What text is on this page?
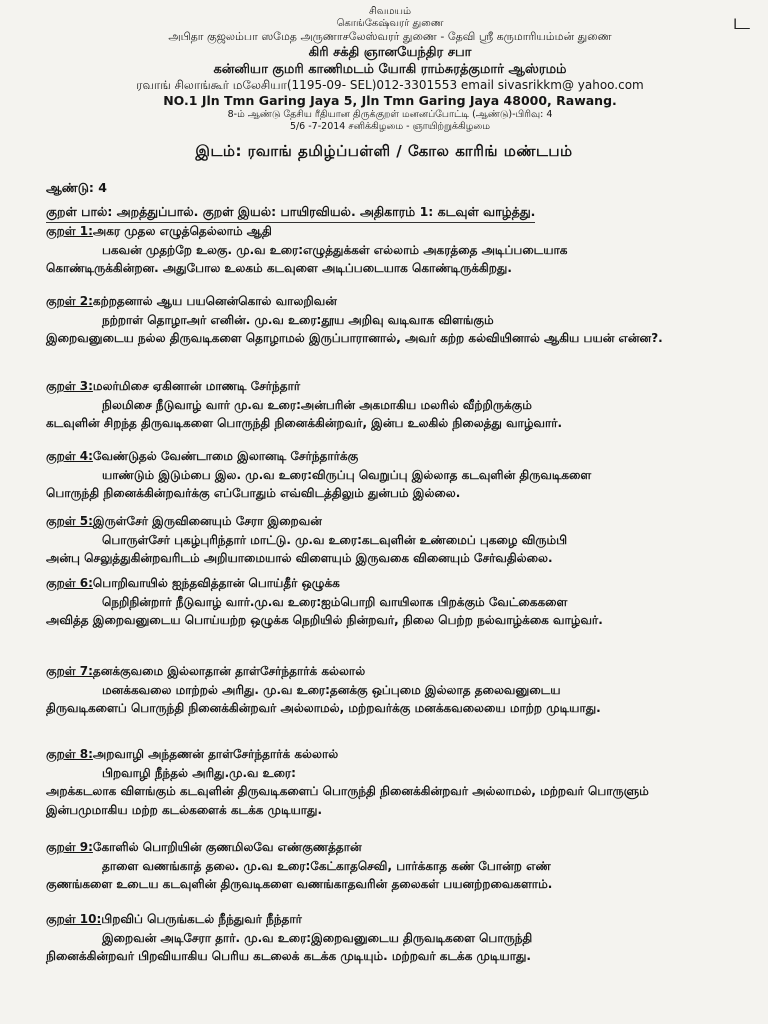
ட
சிவமயம்
கொங்கேஷ்வரர் துணை
அபிதா குஜலம்பா ஸமேத அருணாசலேஸ்வரர் துணை - தேவி ஸ்ரீ கருமாரியம்மன் துணை
கிரி சக்தி ஞானயேந்திர சபா
கன்னியா குமரி காணிமடம் யோகி ராம்சுரத்குமார் ஆஸ்ரமம்
ரவாங் சிலாங்கூர் மலேசியா(1195-09- SEL)012-3301553 email sivasrikkm@ yahoo.com
NO.1 Jln Tmn Garing Jaya 5, Jln Tmn Garing Jaya 48000, Rawang.
8-ம் ஆண்டு தேசிய ரீதியான திருக்குறள் மனனப்போட்டி (ஆண்டு)-பிரிவு: 4
5/6 -7-2014 சனிக்கிழமை - ஞாயிற்றுக்கிழமை
இடம்: ரவாங் தமிழ்ப்பள்ளி / கோல காரிங் மண்டபம்
ஆண்டு: 4
குறள் பால்: அறத்துப்பால். குறள் இயல்: பாயிரவியல். அதிகாரம் 1: கடவுள் வாழ்த்து.
குறள் 1:அகர முதல எழுத்தெல்லாம் ஆதி
பகவன் முதற்றே உலகு. மு.வ உரை:எழுத்துக்கள் எல்லாம் அகரத்தை அடிப்படையாக
கொண்டிருக்கின்றன. அதுபோல உலகம் கடவுளை அடிப்படையாக கொண்டிருக்கிறது.
குறள் 2:கற்றதனால் ஆய பயனென்கொல் வாலறிவன்
நற்றாள் தொழாஅர் எனின். மு.வ உரை:தூய அறிவு வடிவாக விளங்கும்
இறைவனுடைய நல்ல திருவடிகளை தொழாமல் இருப்பாரானால், அவர் கற்ற கல்வியினால் ஆகிய பயன் என்ன?.
குறள் 3:மலர்மிசை ஏகினான் மாணடி சேர்ந்தார்
நிலமிசை நீடுவாழ் வார் மு.வ உரை:அன்பரின் அகமாகிய மலரில் வீற்றிருக்கும்
கடவுளின் சிறந்த திருவடிகளை பொருந்தி நினைக்கின்றவர், இன்ப உலகில் நிலைத்து வாழ்வார்.
குறள் 4:வேண்டுதல் வேண்டாமை இலானடி சேர்ந்தார்க்கு
யாண்டும் இடும்பை இல. மு.வ உரை:விருப்பு வெறுப்பு இல்லாத கடவுளின் திருவடிகளை
பொருந்தி நினைக்கின்றவர்க்கு எப்போதும் எவ்விடத்திலும் துன்பம் இல்லை.
குறள் 5:இருள்சேர் இருவினையும் சேரா இறைவன்
பொருள்சேர் புகழ்புரிந்தார் மாட்டு. மு.வ உரை:கடவுளின் உண்மைப் புகழை விரும்பி
அன்பு செலுத்துகின்றவரிடம் அறியாமையால் விளையும் இருவகை வினையும் சேர்வதில்லை.
குறள் 6:பொறிவாயில் ஐந்தவித்தான் பொய்தீர் ஒழுக்க
நெறிநின்றார் நீடுவாழ் வார்.மு.வ உரை:ஐம்பொறி வாயிலாக பிறக்கும் வேட்கைகளை
அவித்த இறைவனுடைய பொய்யற்ற ஒழுக்க நெறியில் நின்றவர், நிலை பெற்ற நல்வாழ்க்கை வாழ்வர்.
குறள் 7:தனக்குவமை இல்லாதான் தாள்சேர்ந்தார்க் கல்லால்
மனக்கவலை மாற்றல் அரிது. மு.வ உரை:தனக்கு ஒப்புமை இல்லாத தலைவனுடைய
திருவடிகளைப் பொருந்தி நினைக்கின்றவர் அல்லாமல், மற்றவர்க்கு மனக்கவலையை மாற்ற முடியாது.
குறள் 8:அறவாழி அந்தணன் தாள்சேர்ந்தார்க் கல்லால்
பிறவாழி நீந்தல் அரிது.மு.வ உரை:
அறக்கடலாக விளங்கும் கடவுளின் திருவடிகளைப் பொருந்தி நினைக்கின்றவர் அல்லாமல், மற்றவர் பொருளும் இன்பமுமாகிய மற்ற கடல்களைக் கடக்க முடியாது.
குறள் 9:கோளில் பொறியின் குணமிலவே எண்குணத்தான்
தாளை வணங்காத் தலை. மு.வ உரை:கேட்காதசெவி, பார்க்காத கண் போன்ற எண்
குணங்களை உடைய கடவுளின் திருவடிகளை வணங்காதவரின் தலைகள் பயனற்றவைகளாம்.
குறள் 10:பிறவிப் பெருங்கடல் நீந்துவர் நீந்தார்
இறைவன் அடிசேரா தார். மு.வ உரை:இறைவனுடைய திருவடிகளை பொருந்தி
நினைக்கின்றவர் பிறவியாகிய பெரிய கடலைக் கடக்க முடியும். மற்றவர் கடக்க முடியாது.
